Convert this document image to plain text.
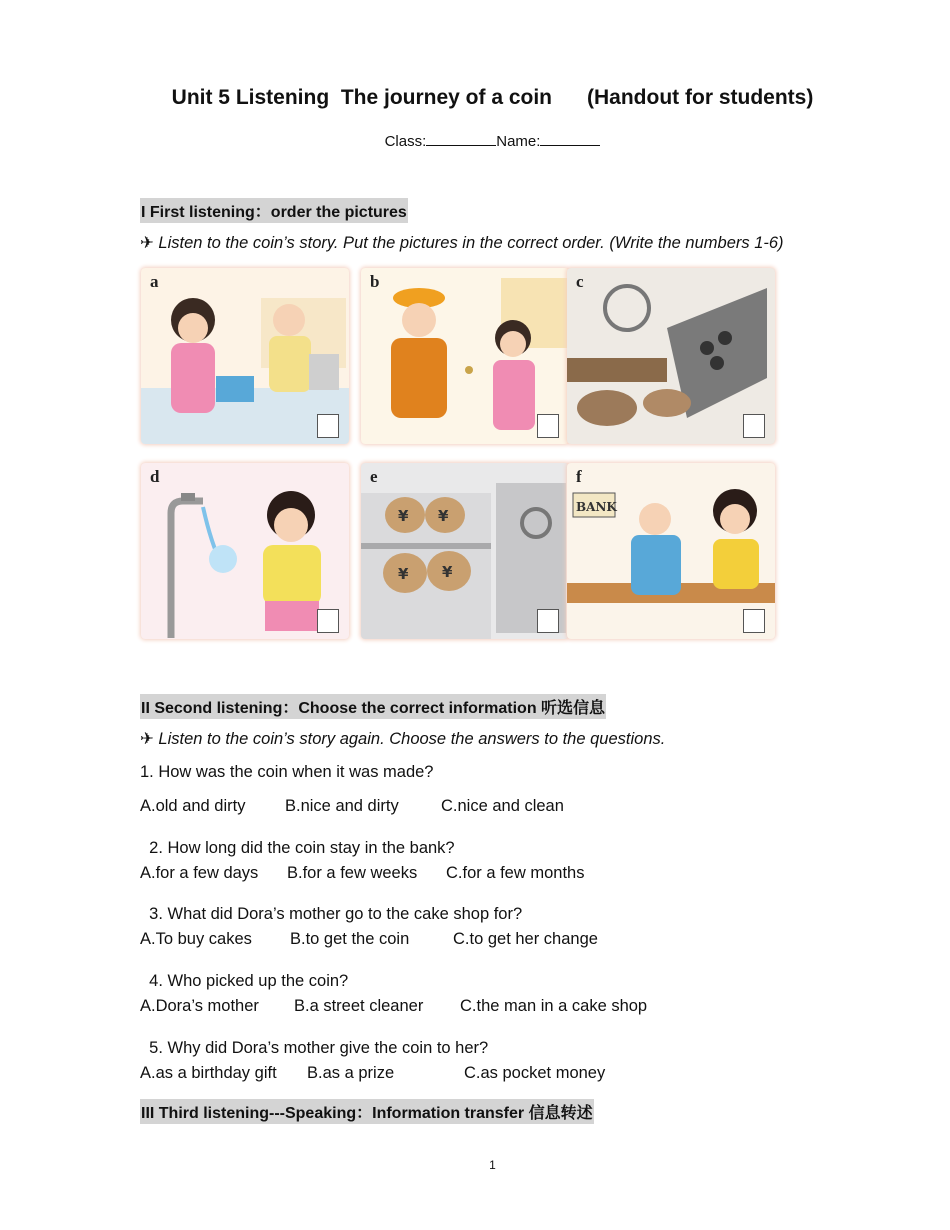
Unit 5 Listening  The journey of a coin      (Handout for students)
Class:	Name:
I First listening：order the pictures
✈ Listen to the coin’s story. Put the pictures in the correct order. (Write the numbers 1-6)
a	b	c
d
¥ ¥
¥ ¥
e
BANK
f
II Second listening：Choose the correct information 听选信息
✈ Listen to the coin’s story again. Choose the answers to the questions.
1. How was the coin when it was made?
A.old and dirty B.nice and dirty	C.nice and clean
2. How long did the coin stay in the bank?
A.for a few days B.for a few weeks C.for a few months
3. What did Dora’s mother go to the cake shop for?
A.To buy cakes B.to get the coin	C.to get her change
4. Who picked up the coin?
A.Dora’s mother B.a street cleaner C.the man in a cake shop
5. Why did Dora’s mother give the coin to her?
A.as a birthday gift B.as a prize	C.as pocket money
III Third listening---Speaking：Information transfer 信息转述
1
